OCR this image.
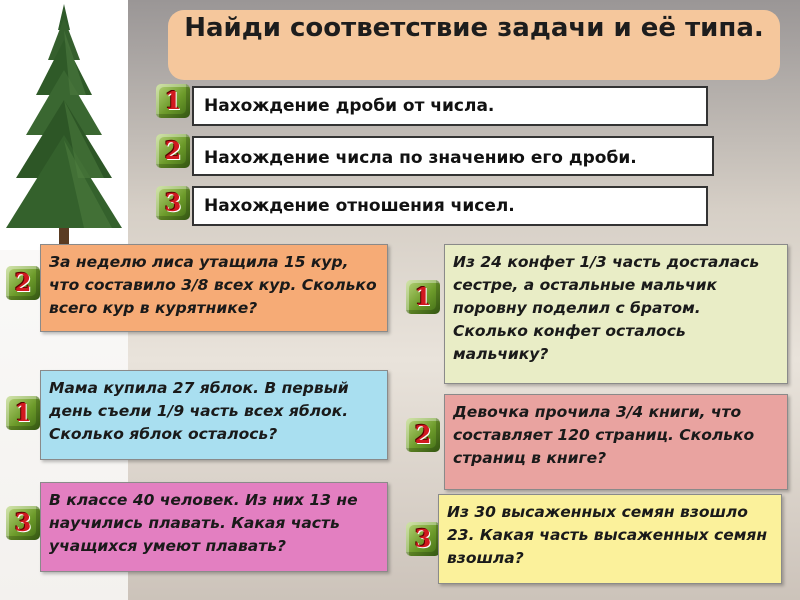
Найди соответствие задачи и её типа.
1	Нахождение дроби от числа.
2	Нахождение числа по значению его дроби.
3	Нахождение отношения чисел.
2
За неделю лиса утащила 15 кур, что составило 3/8 всех кур. Сколько всего кур в курятнике?	1
Из 24 конфет 1/3 часть досталась сестре, а остальные мальчик поровну поделил с братом. Сколько конфет осталось мальчику?
1
Мама купила 27 яблок. В первый день съели 1/9 часть всех яблок. Сколько яблок осталось?	2
Девочка прочила 3/4 книги, что составляет 120 страниц. Сколько страниц в книге?
3
В классе 40 человек. Из них 13 не научились плавать. Какая часть учащихся умеют плавать?	3
Из 30 высаженных семян взошло 23. Какая часть высаженных семян взошла?
